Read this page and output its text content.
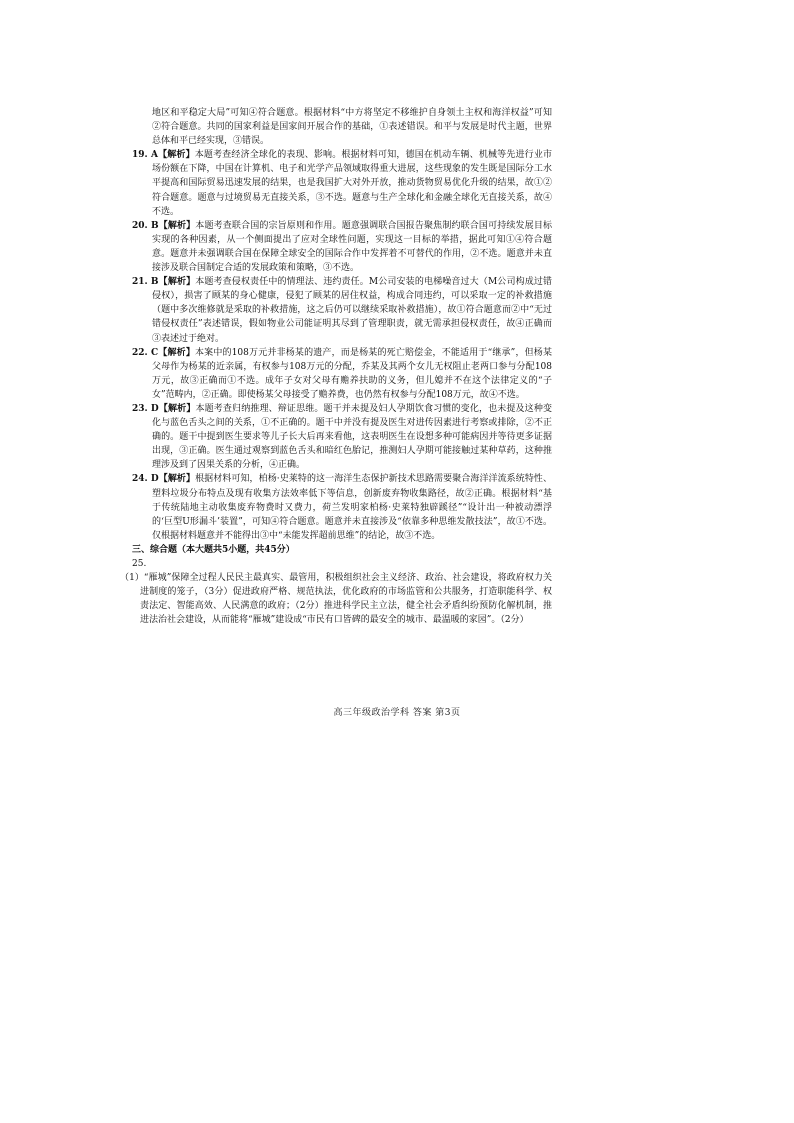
地区和平稳定大局”可知④符合题意。根据材料“中方将坚定不移维护自身领土主权和海洋权益”可知②符合题意。共同的国家利益是国家间开展合作的基础，①表述错误。和平与发展是时代主题，世界总体和平已经实现，③错误。

19. A【解析】本题考查经济全球化的表现、影响。根据材料可知，德国在机动车辆、机械等先进行业市场份额在下降，中国在计算机、电子和光学产品领域取得重大进展，这些现象的发生既是国际分工水平提高和国际贸易迅速发展的结果，也是我国扩大对外开放，推动货物贸易优化升级的结果，故①②符合题意。题意与过境贸易无直接关系，③不选。题意与生产全球化和金融全球化无直接关系，故④不选。

20. B【解析】本题考查联合国的宗旨原则和作用。题意强调联合国报告聚焦制约联合国可持续发展目标实现的各种因素，从一个侧面提出了应对全球性问题，实现这一目标的举措，据此可知①④符合题意。题意并未强调联合国在保障全球安全的国际合作中发挥着不可替代的作用，②不选。题意并未直接涉及联合国制定合适的发展政策和策略，③不选。

21. B【解析】本题考查侵权责任中的情理法、违约责任。M公司安装的电梯噪音过大（M公司构成过错侵权），损害了顾某的身心健康，侵犯了顾某的居住权益，构成合同违约，可以采取一定的补救措施（题中多次维修就是采取的补救措施，这之后仍可以继续采取补救措施），故①符合题意而②中“无过错侵权责任”表述错误，假如物业公司能证明其尽到了管理职责，就无需承担侵权责任，故④正确而③表述过于绝对。

22. C【解析】本案中的108万元并非杨某的遗产，而是杨某的死亡赔偿金，不能适用于“继承”，但杨某父母作为杨某的近亲属，有权参与108万元的分配，乔某及其两个女儿无权阻止老两口参与分配108万元，故③正确而①不选。成年子女对父母有赡养扶助的义务，但儿媳并不在这个法律定义的“子女”范畴内，②正确。即使杨某父母接受了赡养费，也仍然有权参与分配108万元，故④不选。

23. D【解析】本题考查归纳推理、辩证思维。题干并未提及妇人孕期饮食习惯的变化，也未提及这种变化与蓝色舌头之间的关系，①不正确的。题干中并没有提及医生对进传因素进行考察或排除，②不正确的。题干中提到医生要求等儿子长大后再来看他，这表明医生在设想多种可能病因并等待更多证据出现，③正确。医生通过观察到蓝色舌头和暗红色胎记，推测妇人孕期可能接触过某种草药，这种推理涉及到了因果关系的分析，④正确。

24. D【解析】根据材料可知，柏杨·史莱特的这一海洋生态保护新技术思路需要聚合海洋洋流系统特性、塑料垃圾分布特点及现有收集方法效率低下等信息，创新废弃物收集路径，故②正确。根据材料“基于传统陆地主动收集废弃物费时又费力，荷兰发明家柏杨·史莱特独辟蹊径”“设计出一种被动漂浮的‘巨型U形漏斗’装置”，可知④符合题意。题意并未直接涉及“依靠多种思维发散技法”，故①不选。仅根据材料题意并不能得出③中“未能发挥超前思维”的结论，故③不选。

三、综合题（本大题共5小题，共45分）

25.

（1）“雁城”保障全过程人民民主最真实、最管用，积极组织社会主义经济、政治、社会建设，将政府权力关进制度的笼子，（3分）促进政府严格、规范执法，优化政府的市场监管和公共服务，打造职能科学、权责法定、智能高效、人民满意的政府；（2分）推进科学民主立法，健全社会矛盾纠纷预防化解机制，推进法治社会建设，从而能将“雁城”建设成“市民有口皆碑的最安全的城市、最温暖的家园”。（2分）

高三年级政治学科 答案 第3页
